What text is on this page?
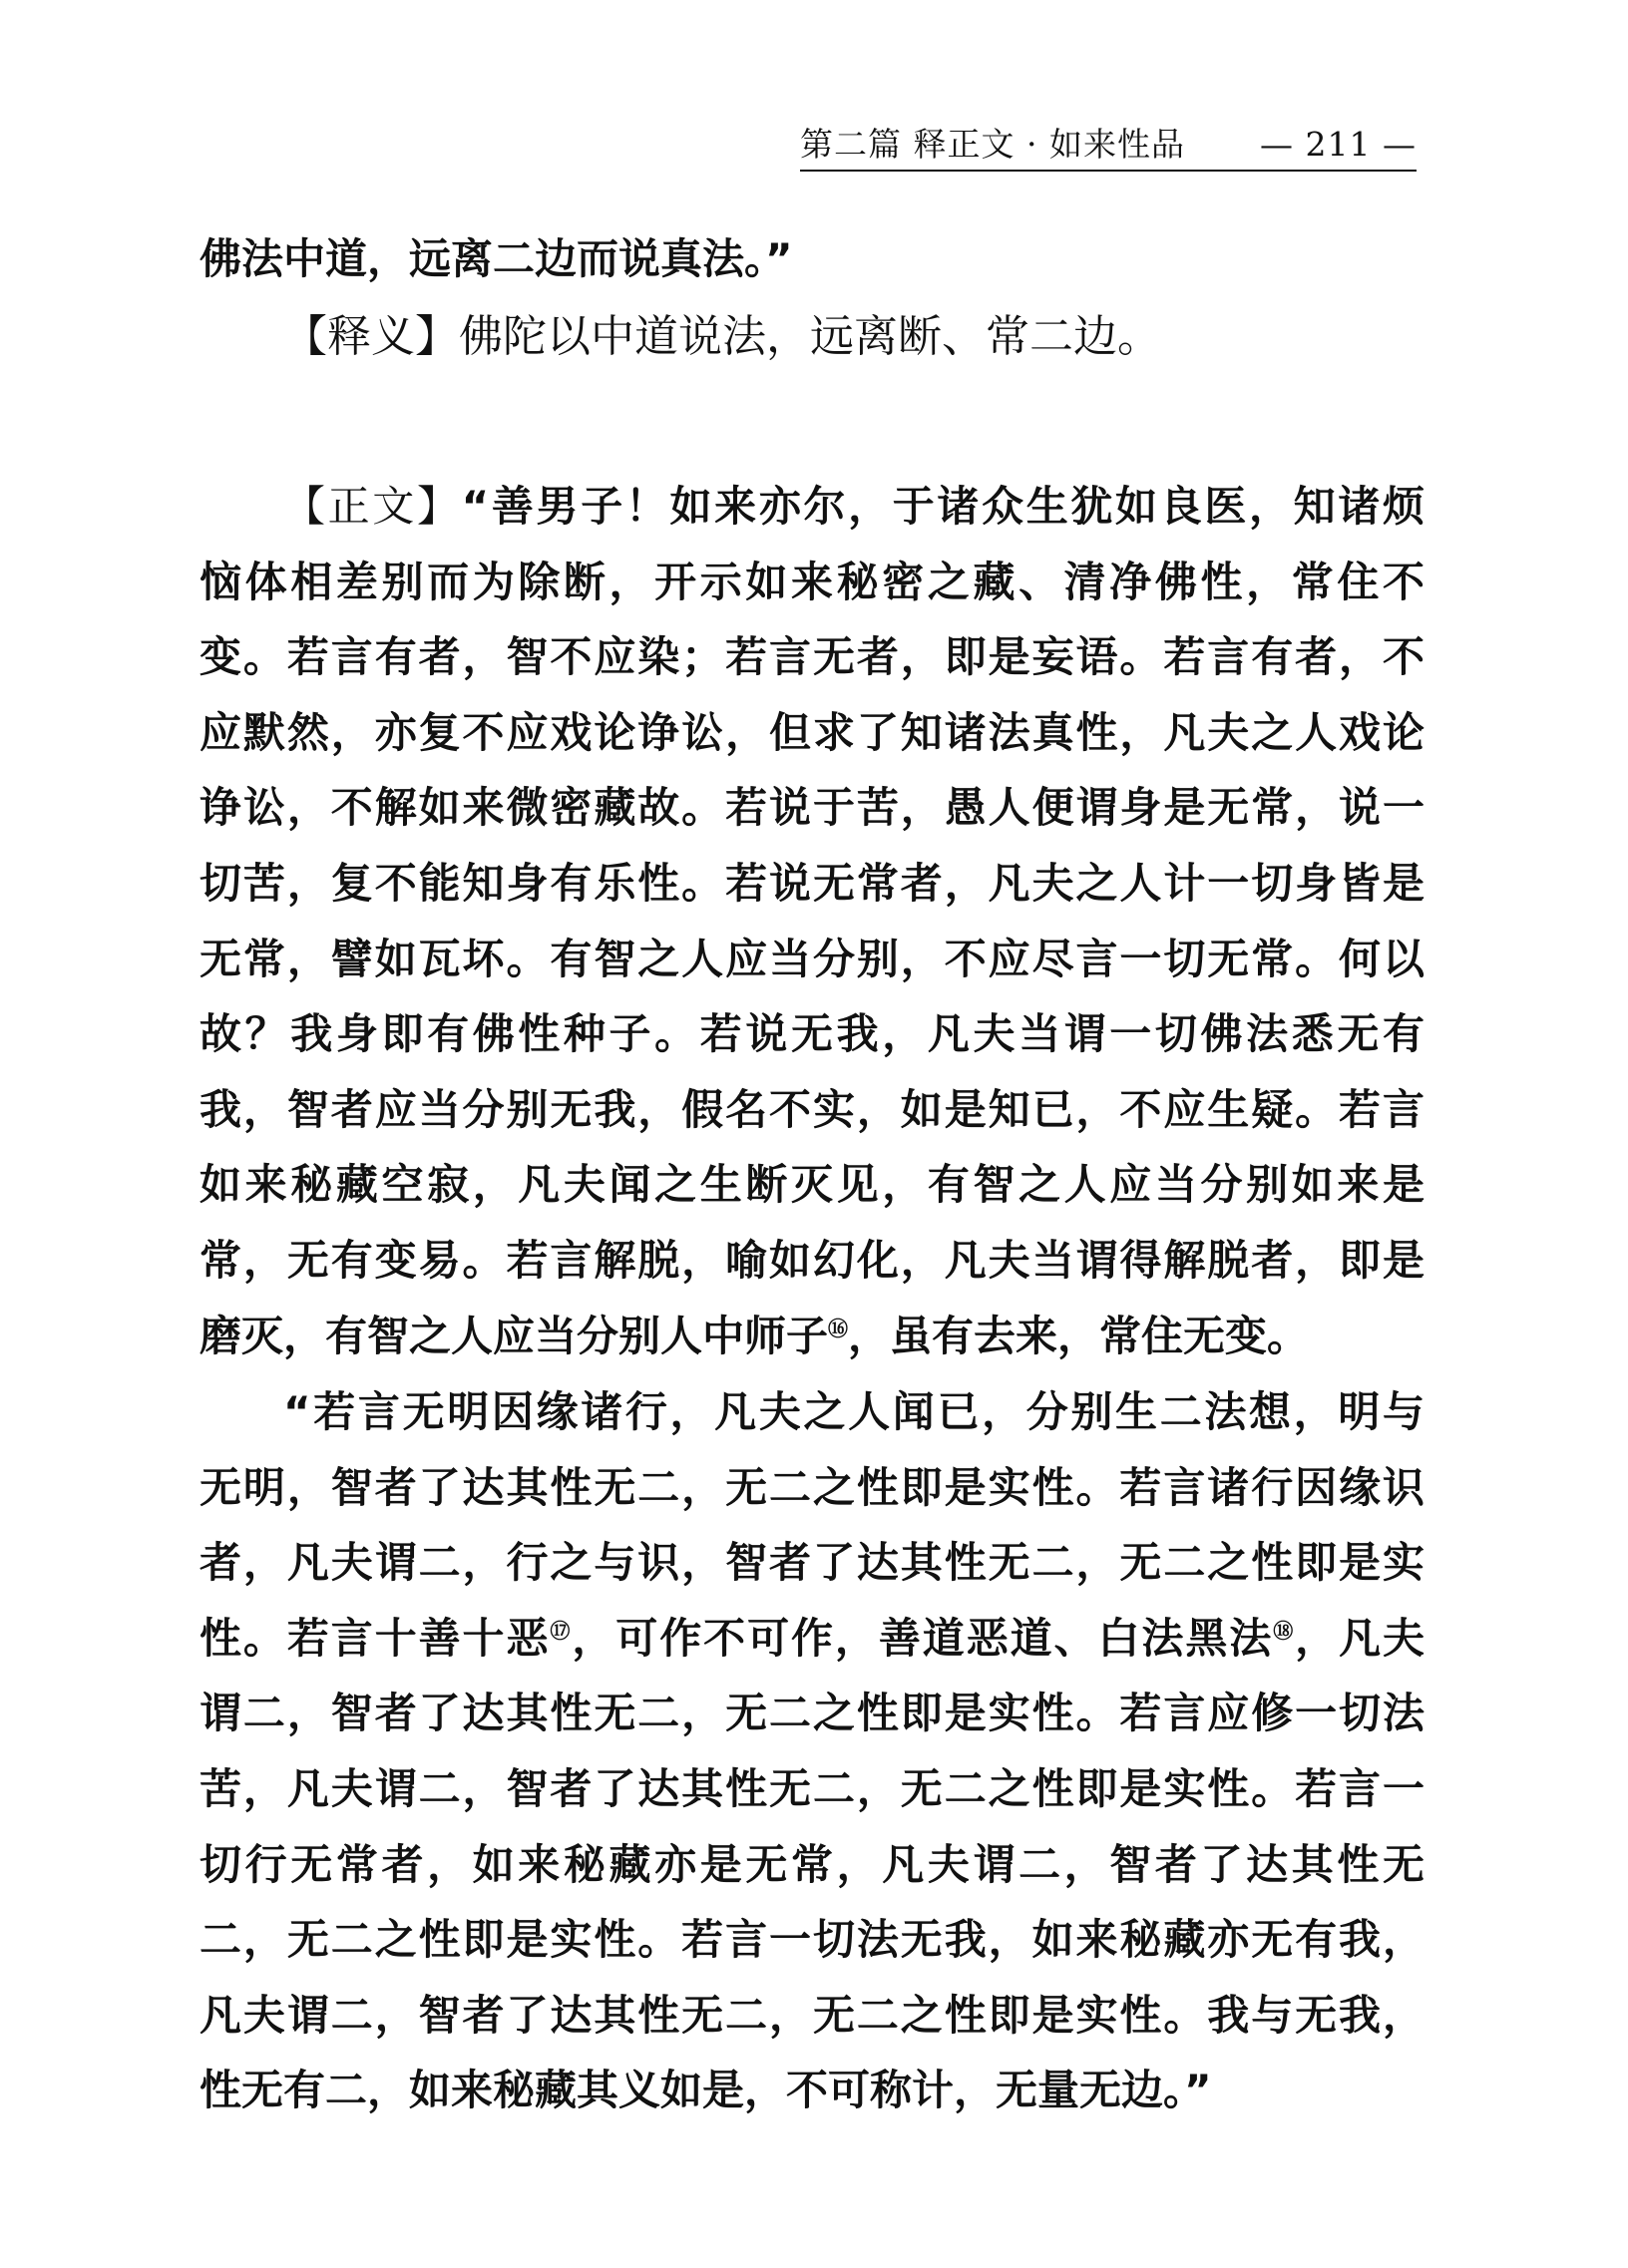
第二篇 释正文 · 如来性品 — 211 —
佛法中道，远离二边而说真法。”
【释义】佛陀以中道说法，远离断、常二边。
【正文】“善男子！如来亦尔，于诸众生犹如良医，知诸烦
恼体相差别而为除断，开示如来秘密之藏、清净佛性，常住不
变。若言有者，智不应染；若言无者，即是妄语。若言有者，不
应默然，亦复不应戏论诤讼，但求了知诸法真性，凡夫之人戏论
诤讼，不解如来微密藏故。若说于苦，愚人便谓身是无常，说一
切苦，复不能知身有乐性。若说无常者，凡夫之人计一切身皆是
无常，譬如瓦坏。有智之人应当分别，不应尽言一切无常。何以
故？我身即有佛性种子。若说无我，凡夫当谓一切佛法悉无有
我，智者应当分别无我，假名不实，如是知已，不应生疑。若言
如来秘藏空寂，凡夫闻之生断灭见，有智之人应当分别如来是
常，无有变易。若言解脱，喻如幻化，凡夫当谓得解脱者，即是
磨灭，有智之人应当分别人中师子⑯，虽有去来，常住无变。
“若言无明因缘诸行，凡夫之人闻已，分别生二法想，明与
无明，智者了达其性无二，无二之性即是实性。若言诸行因缘识
者，凡夫谓二，行之与识，智者了达其性无二，无二之性即是实
性。若言十善十恶⑰，可作不可作，善道恶道、白法黑法⑱，凡夫
谓二，智者了达其性无二，无二之性即是实性。若言应修一切法
苦，凡夫谓二，智者了达其性无二，无二之性即是实性。若言一
切行无常者，如来秘藏亦是无常，凡夫谓二，智者了达其性无
二，无二之性即是实性。若言一切法无我，如来秘藏亦无有我，
凡夫谓二，智者了达其性无二，无二之性即是实性。我与无我，
性无有二，如来秘藏其义如是，不可称计，无量无边。”
